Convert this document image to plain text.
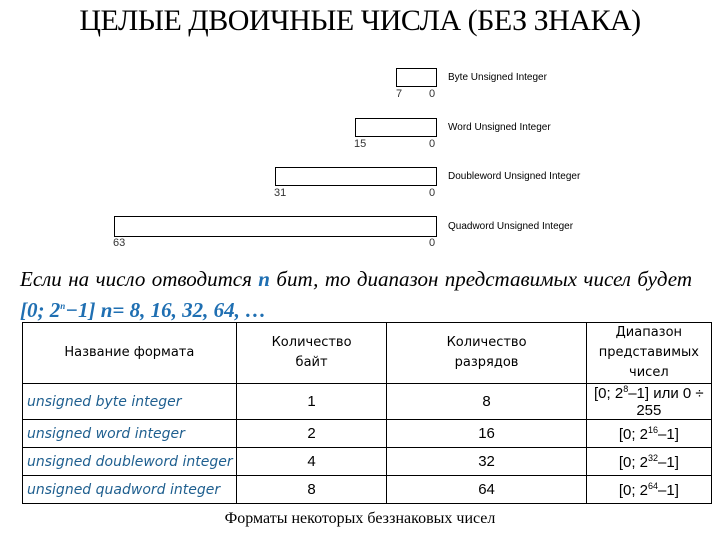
ЦЕЛЫЕ ДВОИЧНЫЕ ЧИСЛА (БЕЗ ЗНАКА)
Byte Unsigned Integer
7 0
Word Unsigned Integer
15	0
Doubleword Unsigned Integer
31	0
Quadword Unsigned Integer
63	0
Если на число отводится n бит, то диапазон представимых чисел будет [0; $2^n-1$] n= 8, 16, 32, 64, …
Название формата	Количество байт	Количество разрядов	Диапазон представимых чисел
unsigned byte integer	1	8	[0; $2^8-1$] или 0 ÷ 255
unsigned word integer	2	16	[0; $2^{16}-1$]
unsigned doubleword integer	4	32	[0; $2^{32}-1$]
unsigned quadword integer	8	64	[0; $2^{64}-1$]
Форматы некоторых беззнаковых чисел
